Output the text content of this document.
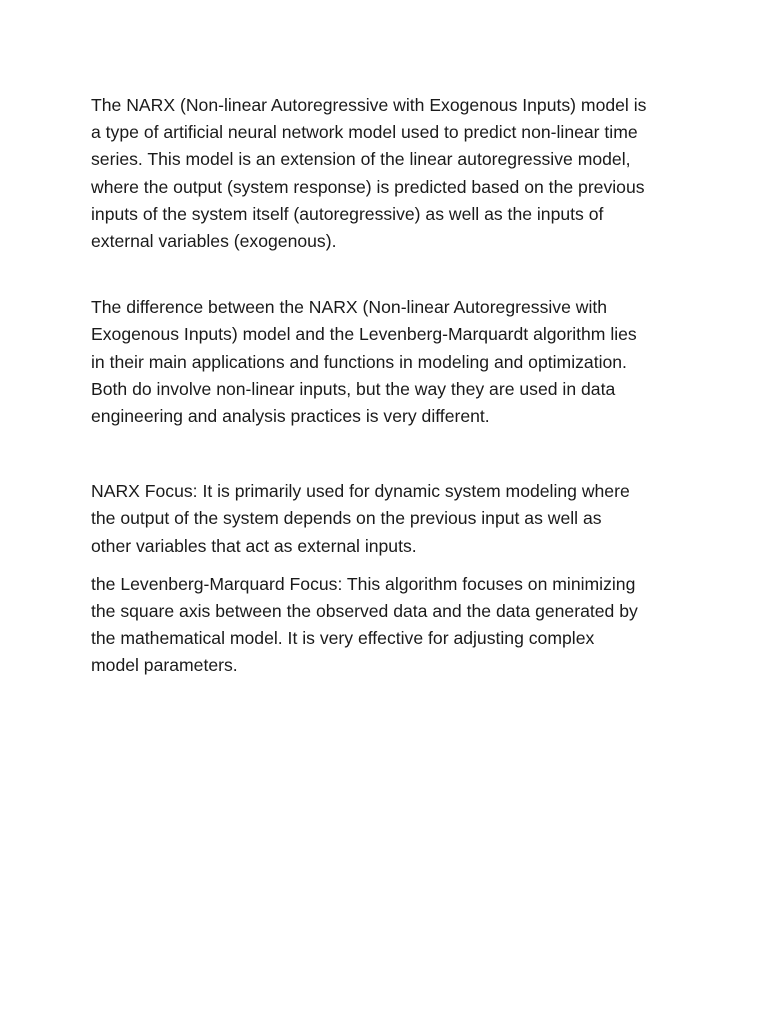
The NARX (Non-linear Autoregressive with Exogenous Inputs) model is
a type of artificial neural network model used to predict non-linear time
series. This model is an extension of the linear autoregressive model,
where the output (system response) is predicted based on the previous
inputs of the system itself (autoregressive) as well as the inputs of
external variables (exogenous).

The difference between the NARX (Non-linear Autoregressive with
Exogenous Inputs) model and the Levenberg-Marquardt algorithm lies
in their main applications and functions in modeling and optimization.
Both do involve non-linear inputs, but the way they are used in data
engineering and analysis practices is very different.

NARX Focus: It is primarily used for dynamic system modeling where
the output of the system depends on the previous input as well as
other variables that act as external inputs.

the Levenberg-Marquard Focus: This algorithm focuses on minimizing
the square axis between the observed data and the data generated by
the mathematical model. It is very effective for adjusting complex
model parameters.
